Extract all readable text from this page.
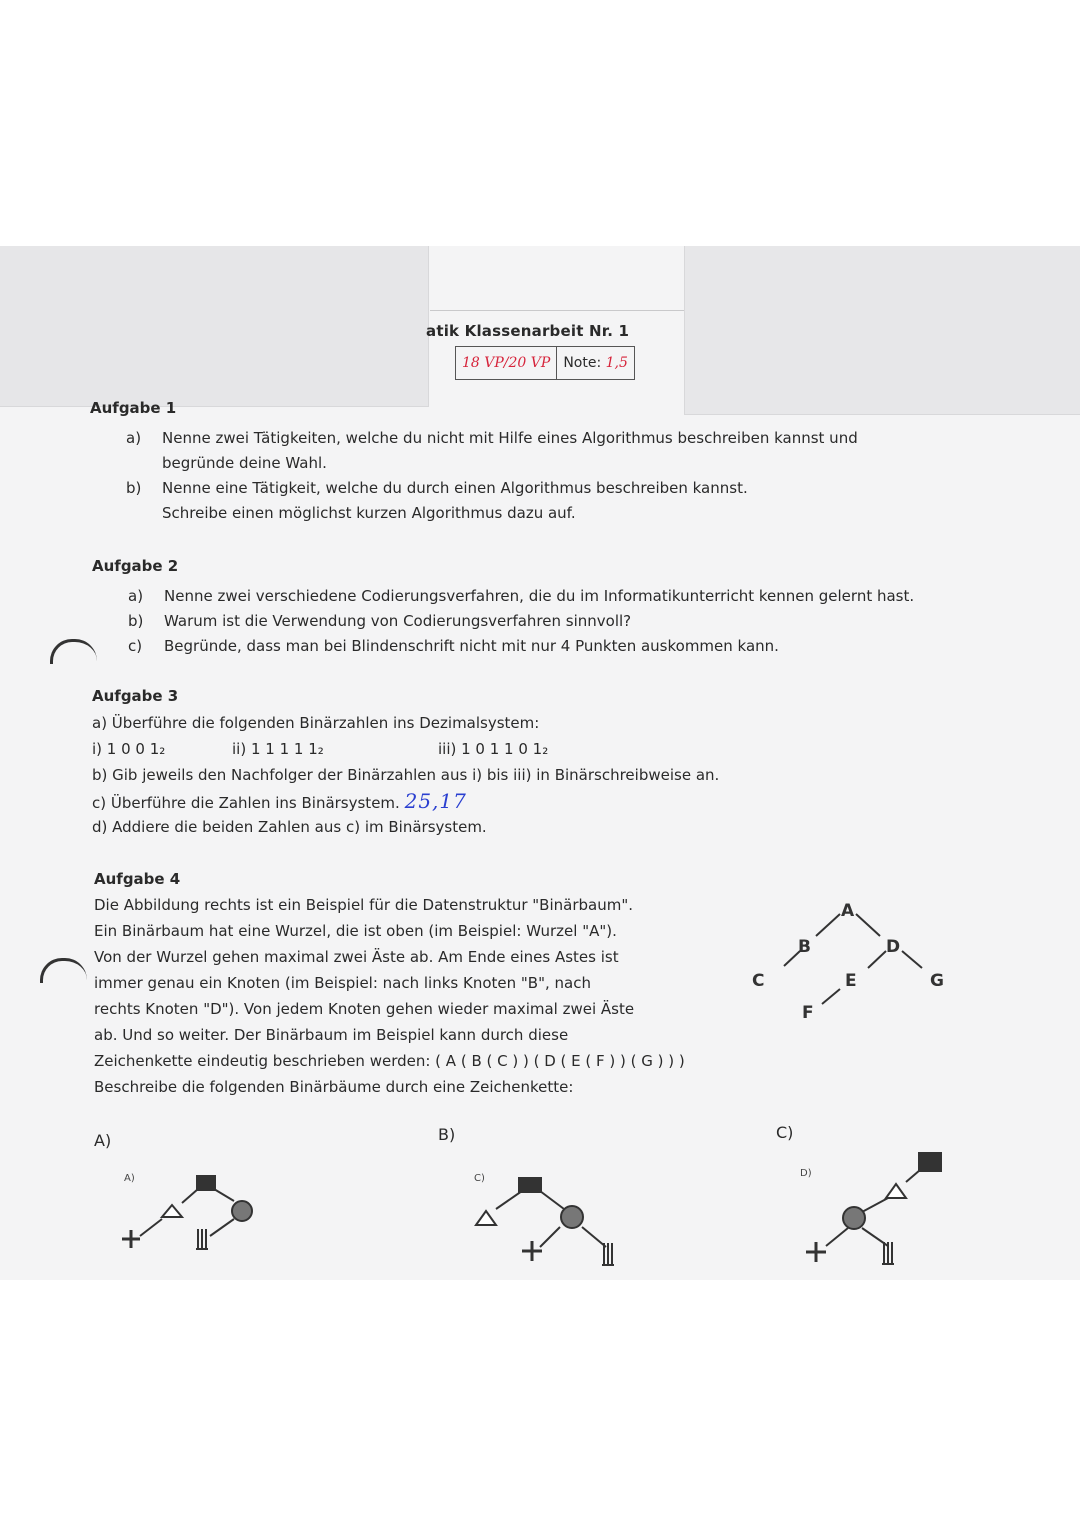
atik Klassenarbeit Nr. 1
18 VP/20 VP Note:
1,5
Aufgabe 1
a)	Nenne zwei Tätigkeiten, welche du nicht mit Hilfe eines Algorithmus beschreiben kannst und
begründe deine Wahl.
b)	Nenne eine Tätigkeit, welche du durch einen Algorithmus beschreiben kannst.
Schreibe einen möglichst kurzen Algorithmus dazu auf.
Aufgabe 2
a)	Nenne zwei verschiedene Codierungsverfahren, die du im Informatikunterricht kennen gelernt hast.
b)	Warum ist die Verwendung von Codierungsverfahren sinnvoll?
c)	Begründe, dass man bei Blindenschrift nicht mit nur 4 Punkten auskommen kann.
Aufgabe 3
a) Überführe die folgenden Binärzahlen ins Dezimalsystem:
i) 1 0 0 1₂	ii) 1 1 1 1 1₂	iii) 1 0 1 1 0 1₂
b) Gib jeweils den Nachfolger der Binärzahlen aus i) bis iii) in Binärschreibweise an.
c) Überführe die Zahlen ins Binärsystem. 25,17
d) Addiere die beiden Zahlen aus c) im Binärsystem.
Aufgabe 4
Die Abbildung rechts ist ein Beispiel für die Datenstruktur "Binärbaum".
Ein Binärbaum hat eine Wurzel, die ist oben (im Beispiel: Wurzel "A").
Von der Wurzel gehen maximal zwei Äste ab. Am Ende eines Astes ist
immer genau ein Knoten (im Beispiel: nach links Knoten "B", nach
rechts Knoten "D"). Von jedem Knoten gehen wieder maximal zwei Äste
ab. Und so weiter. Der Binärbaum im Beispiel kann durch diese
Zeichenkette eindeutig beschrieben werden: ( A ( B ( C ) ) ( D ( E ( F ) ) ( G ) ) )
Beschreibe die folgenden Binärbäume durch eine Zeichenkette:
A
B
C
D
E
F
G
A)	B)	C)
A)	C)	D)
